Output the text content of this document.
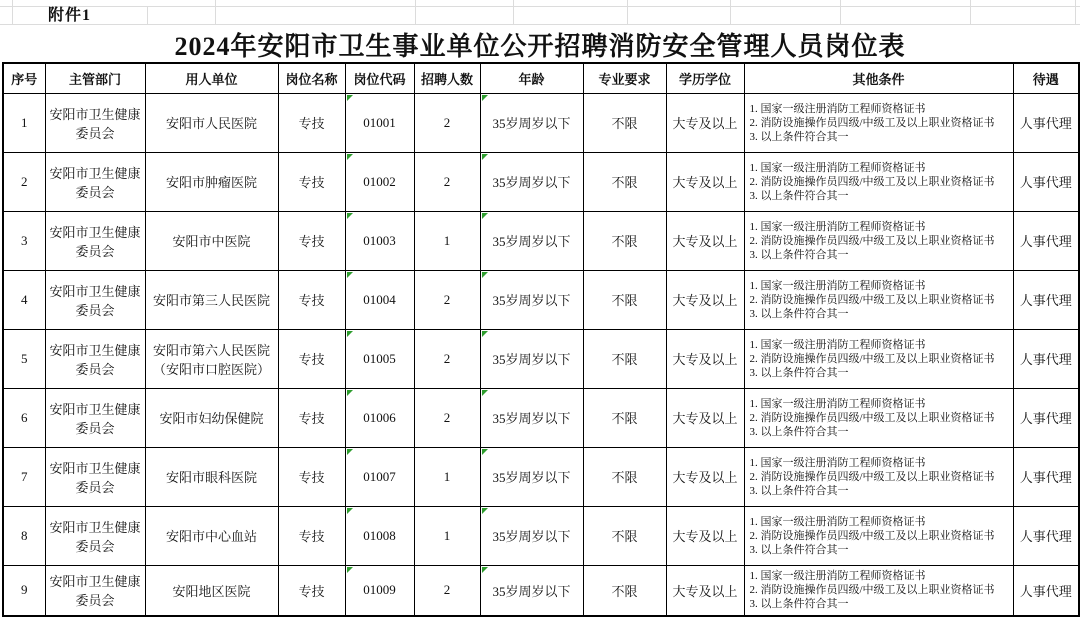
附件1
2024年安阳市卫生事业单位公开招聘消防安全管理人员岗位表
序号	主管部门	用人单位	岗位名称	岗位代码	招聘人数	年龄	专业要求	学历学位	其他条件	待遇
1	安阳市卫生健康委员会	安阳市人民医院	专技	01001	2	35岁周岁以下	不限	大专及以上	1. 国家一级注册消防工程师资格证书
2. 消防设施操作员四级/中级工及以上职业资格证书
3. 以上条件符合其一	人事代理
2	安阳市卫生健康委员会	安阳市肿瘤医院	专技	01002	2	35岁周岁以下	不限	大专及以上	1. 国家一级注册消防工程师资格证书
2. 消防设施操作员四级/中级工及以上职业资格证书
3. 以上条件符合其一	人事代理
3	安阳市卫生健康委员会	安阳市中医院	专技	01003	1	35岁周岁以下	不限	大专及以上	1. 国家一级注册消防工程师资格证书
2. 消防设施操作员四级/中级工及以上职业资格证书
3. 以上条件符合其一	人事代理
4	安阳市卫生健康委员会	安阳市第三人民医院	专技	01004	2	35岁周岁以下	不限	大专及以上	1. 国家一级注册消防工程师资格证书
2. 消防设施操作员四级/中级工及以上职业资格证书
3. 以上条件符合其一	人事代理
5	安阳市卫生健康委员会	安阳市第六人民医院（安阳市口腔医院）	专技	01005	2	35岁周岁以下	不限	大专及以上	1. 国家一级注册消防工程师资格证书
2. 消防设施操作员四级/中级工及以上职业资格证书
3. 以上条件符合其一	人事代理
6	安阳市卫生健康委员会	安阳市妇幼保健院	专技	01006	2	35岁周岁以下	不限	大专及以上	1. 国家一级注册消防工程师资格证书
2. 消防设施操作员四级/中级工及以上职业资格证书
3. 以上条件符合其一	人事代理
7	安阳市卫生健康委员会	安阳市眼科医院	专技	01007	1	35岁周岁以下	不限	大专及以上	1. 国家一级注册消防工程师资格证书
2. 消防设施操作员四级/中级工及以上职业资格证书
3. 以上条件符合其一	人事代理
8	安阳市卫生健康委员会	安阳市中心血站	专技	01008	1	35岁周岁以下	不限	大专及以上	1. 国家一级注册消防工程师资格证书
2. 消防设施操作员四级/中级工及以上职业资格证书
3. 以上条件符合其一	人事代理
9	安阳市卫生健康委员会	安阳地区医院	专技	01009	2	35岁周岁以下	不限	大专及以上	1. 国家一级注册消防工程师资格证书
2. 消防设施操作员四级/中级工及以上职业资格证书
3. 以上条件符合其一	人事代理
